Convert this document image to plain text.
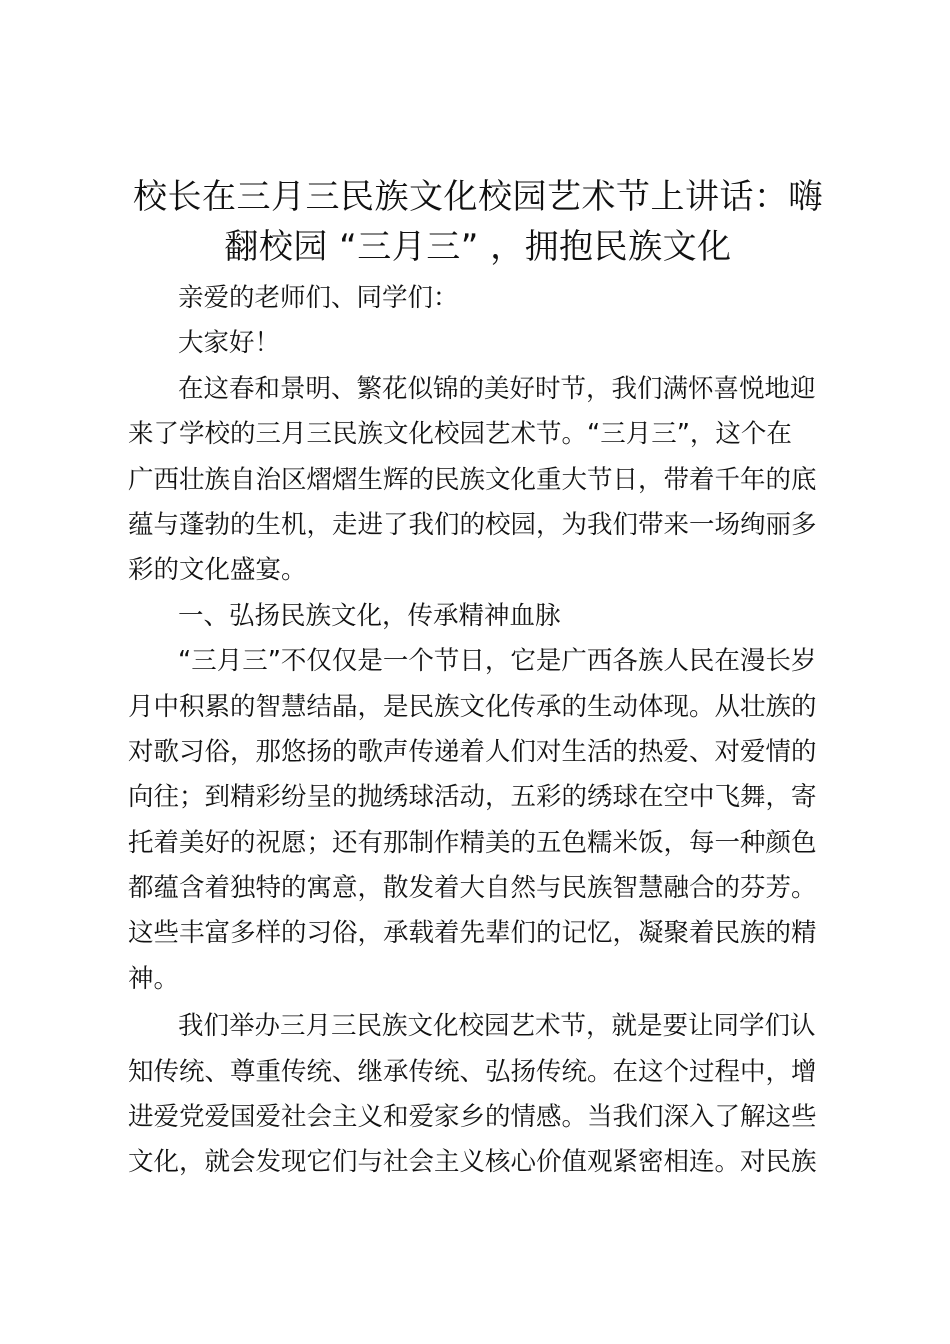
校长在三月三民族文化校园艺术节上讲话：嗨
翻校园 “三月三” ，拥抱民族文化
亲爱的老师们、同学们：
大家好！
在这春和景明、繁花似锦的美好时节，我们满怀喜悦地迎
来了学校的三月三民族文化校园艺术节。“三月三”，这个在
广西壮族自治区熠熠生辉的民族文化重大节日，带着千年的底
蕴与蓬勃的生机，走进了我们的校园，为我们带来一场绚丽多
彩的文化盛宴。
一、弘扬民族文化，传承精神血脉
“三月三”不仅仅是一个节日，它是广西各族人民在漫长岁
月中积累的智慧结晶，是民族文化传承的生动体现。从壮族的
对歌习俗，那悠扬的歌声传递着人们对生活的热爱、对爱情的
向往；到精彩纷呈的抛绣球活动，五彩的绣球在空中飞舞，寄
托着美好的祝愿；还有那制作精美的五色糯米饭，每一种颜色
都蕴含着独特的寓意，散发着大自然与民族智慧融合的芬芳。
这些丰富多样的习俗，承载着先辈们的记忆，凝聚着民族的精
神。
我们举办三月三民族文化校园艺术节，就是要让同学们认
知传统、尊重传统、继承传统、弘扬传统。在这个过程中，增
进爱党爱国爱社会主义和爱家乡的情感。当我们深入了解这些
文化，就会发现它们与社会主义核心价值观紧密相连。对民族
